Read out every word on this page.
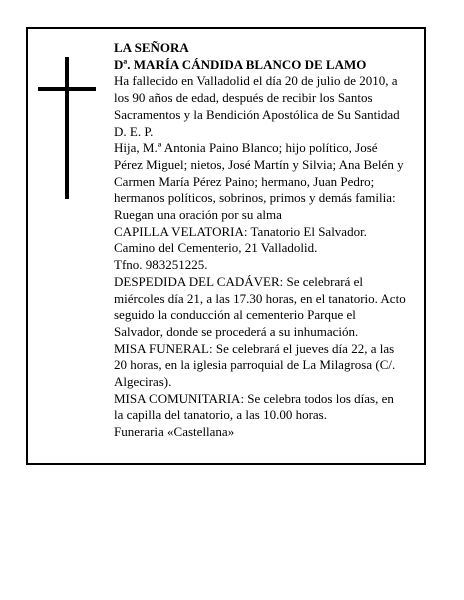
LA SEÑORA
Dª. MARÍA CÁNDIDA BLANCO DE LAMO
Ha fallecido en Valladolid el día 20 de julio de 2010, a
los 90 años de edad, después de recibir los Santos
Sacramentos y la Bendición Apostólica de Su Santidad
D. E. P.
Hija, M.ª Antonia Paino Blanco; hijo político, José
Pérez Miguel; nietos, José Martín y Silvia; Ana Belén y
Carmen María Pérez Paino; hermano, Juan Pedro;
hermanos políticos, sobrinos, primos y demás familia:
Ruegan una oración por su alma
CAPILLA VELATORIA: Tanatorio El Salvador.
Camino del Cementerio, 21 Valladolid.
Tfno. 983251225.
DESPEDIDA DEL CADÁVER: Se celebrará el
miércoles día 21, a las 17.30 horas, en el tanatorio. Acto
seguido la conducción al cementerio Parque el
Salvador, donde se procederá a su inhumación.
MISA FUNERAL: Se celebrará el jueves día 22, a las
20 horas, en la iglesia parroquial de La Milagrosa (C/.
Algeciras).
MISA COMUNITARIA: Se celebra todos los días, en
la capilla del tanatorio, a las 10.00 horas.
Funeraria «Castellana»
